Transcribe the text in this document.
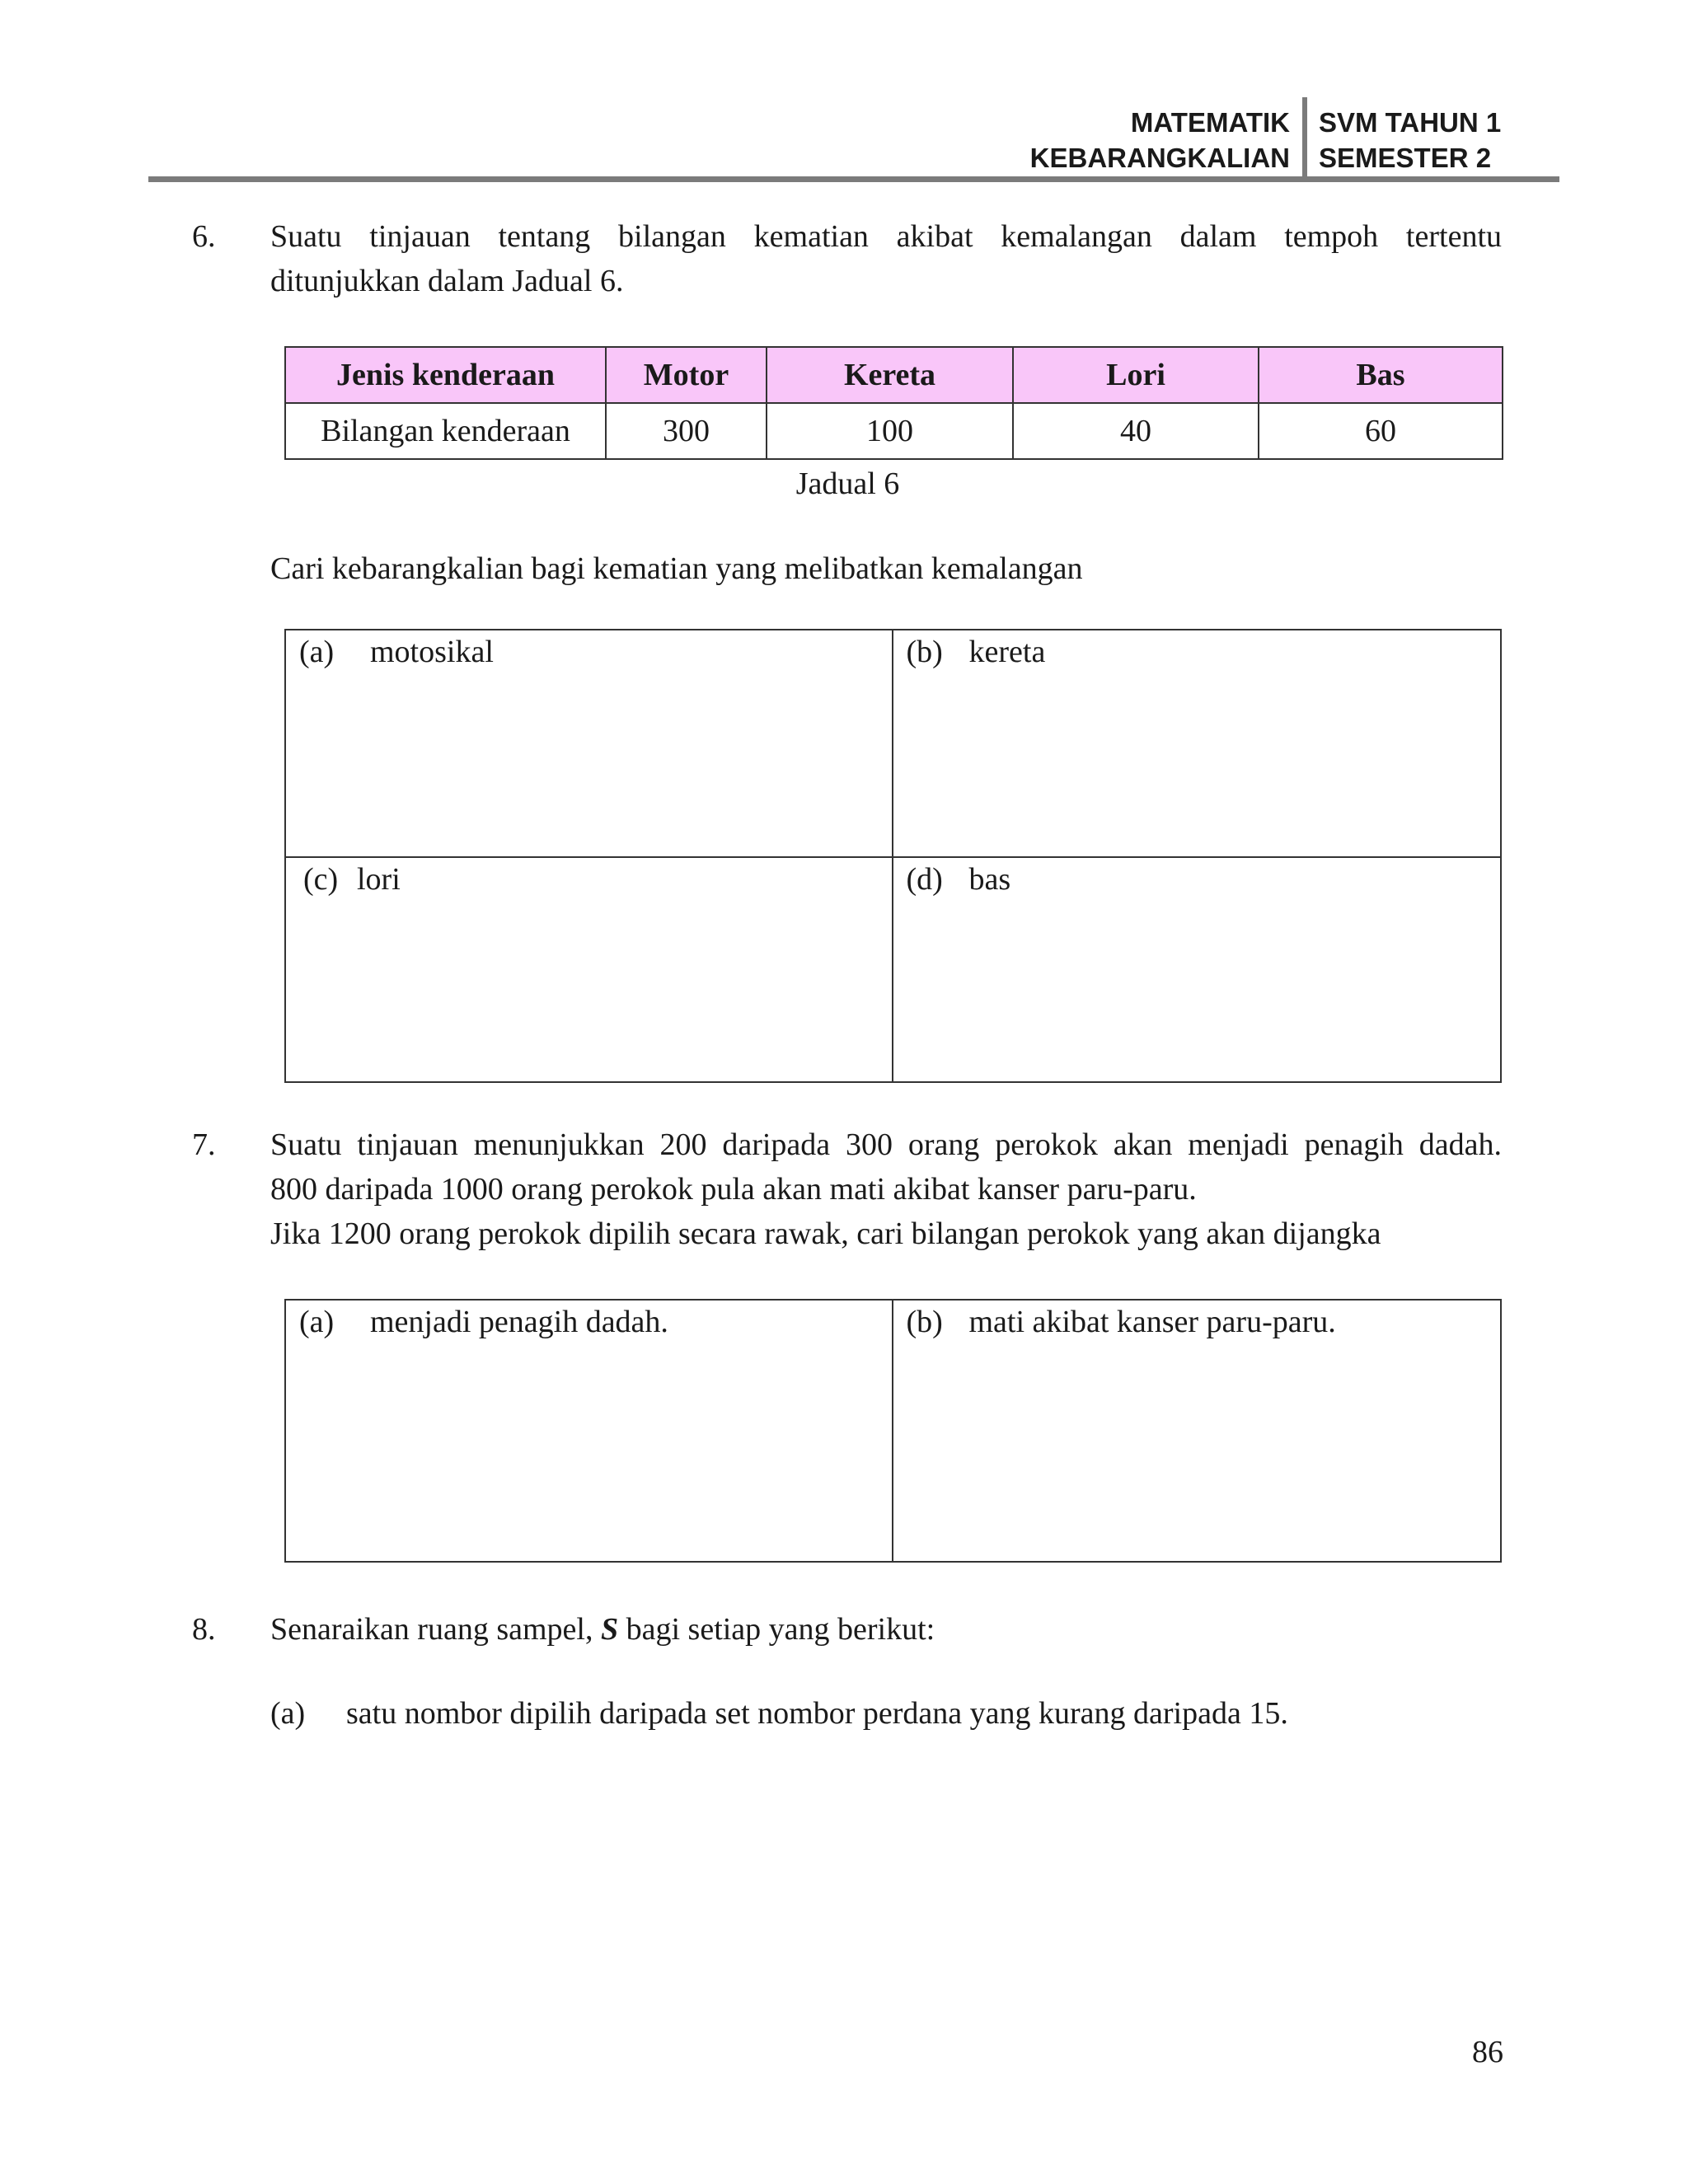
MATEMATIK
KEBARANGKALIAN
SVM TAHUN 1
SEMESTER 2
6. Suatu tinjauan tentang bilangan kematian akibat kemalangan dalam tempoh tertentu
ditunjukkan dalam Jadual 6.
Jenis kenderaan	Motor	Kereta	Lori	Bas
Bilangan kenderaan	300	100	40	60
Jadual 6
Cari kebarangkalian bagi kematian yang melibatkan kemalangan
(a) motosikal	(b) kereta
(c) lori	(d) bas
7. Suatu tinjauan menunjukkan 200 daripada 300 orang perokok akan menjadi penagih dadah.
800 daripada 1000 orang perokok pula akan mati akibat kanser paru-paru.
Jika 1200 orang perokok dipilih secara rawak, cari bilangan perokok yang akan dijangka
(a) menjadi penagih dadah.	(b) mati akibat kanser paru-paru.
8. Senaraikan ruang sampel, S bagi setiap yang berikut:
(a) satu nombor dipilih daripada set nombor perdana yang kurang daripada 15.
86
